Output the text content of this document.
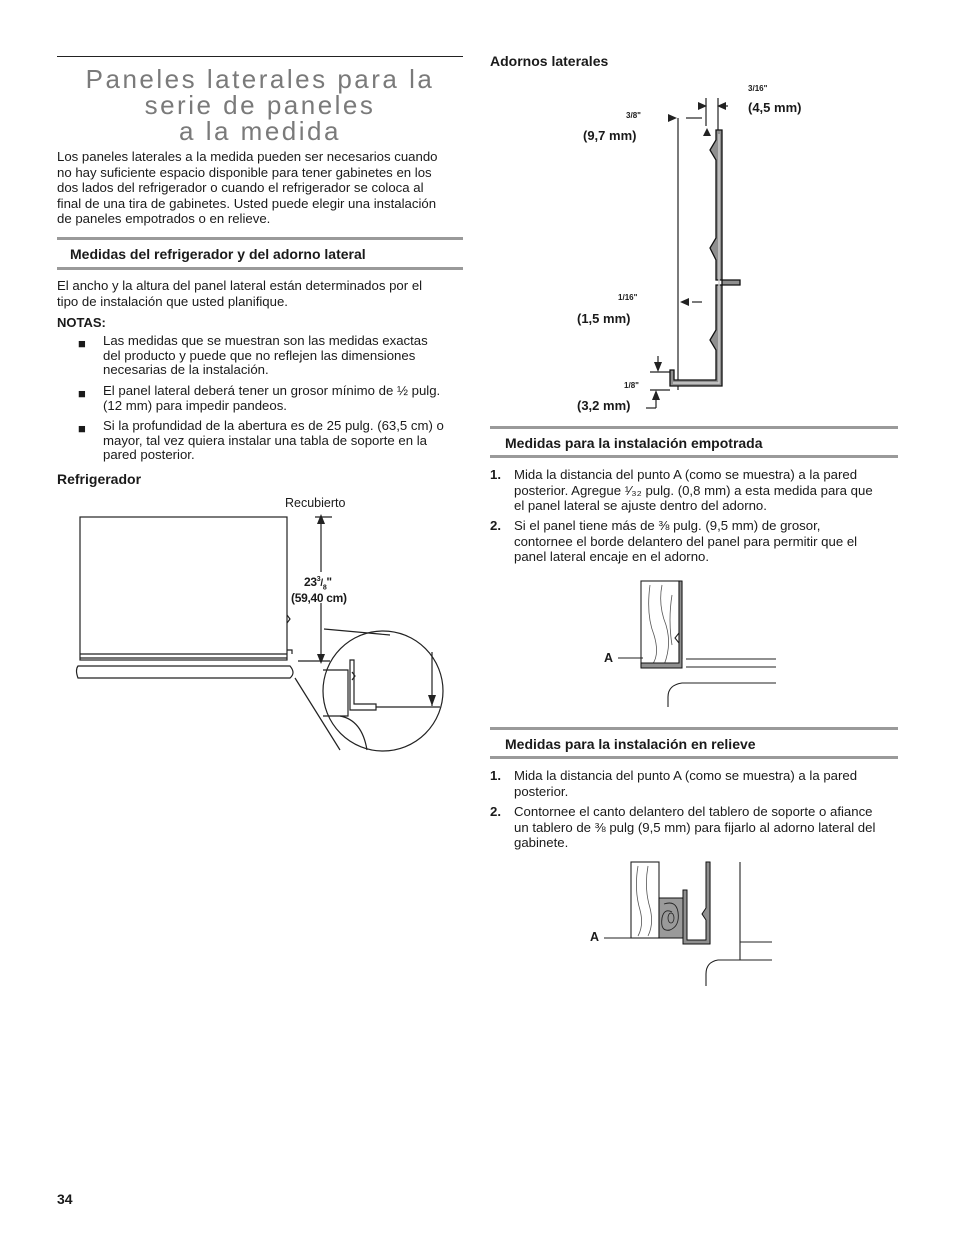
Paneles laterales para la
serie de paneles
a la medida
Los paneles laterales a la medida pueden ser necesarios cuando
no hay suficiente espacio disponible para tener gabinetes en los
dos lados del refrigerador o cuando el refrigerador se coloca al
final de una tira de gabinetes. Usted puede elegir una instalación
de paneles empotrados o en relieve.
Medidas del refrigerador y del adorno lateral
El ancho y la altura del panel lateral están determinados por el
tipo de instalación que usted planifique.
NOTAS:
■ Las medidas que se muestran son las medidas exactas
del producto y puede que no reflejen las dimensiones
necesarias de la instalación.
■ El panel lateral deberá tener un grosor mínimo de ½ pulg.
(12 mm) para impedir pandeos.
■ Si la profundidad de la abertura es de 25 pulg. (63,5 cm) o
mayor, tal vez quiera instalar una tabla de soporte en la
pared posterior.
Refrigerador
Recubierto
$23^3/_8$"
(59,40 cm)
34
Adornos laterales
3/16"
(4,5 mm)
3/8"
(9,7 mm)
1/16"
(1,5 mm)
1/8"
(3,2 mm)
Medidas para la instalación empotrada
1. Mida la distancia del punto A (como se muestra) a la pared
posterior. Agregue ¹⁄₃₂ pulg. (0,8 mm) a esta medida para que
el panel lateral se ajuste dentro del adorno.
2. Si el panel tiene más de ⅜ pulg. (9,5 mm) de grosor,
contornee el borde delantero del panel para permitir que el
panel lateral encaje en el adorno.
A
Medidas para la instalación en relieve
1. Mida la distancia del punto A (como se muestra) a la pared
posterior.
2. Contornee el canto delantero del tablero de soporte o afiance
un tablero de ⅜ pulg (9,5 mm) para fijarlo al adorno lateral del
gabinete.
A
